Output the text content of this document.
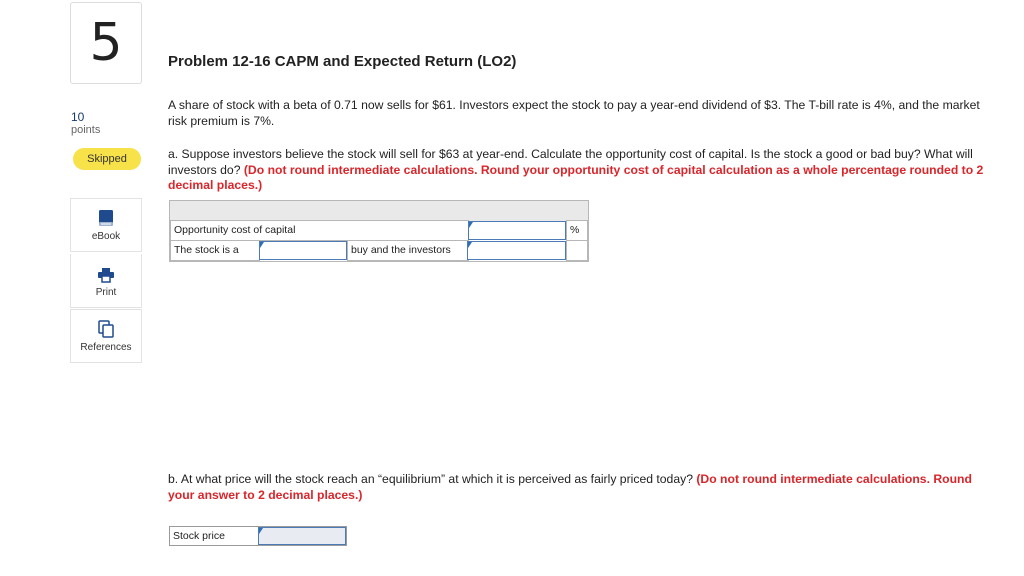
5
10
points
Skipped
eBook
Print
References
Problem 12-16 CAPM and Expected Return (LO2)
A share of stock with a beta of 0.71 now sells for $61. Investors expect the stock to pay a year-end dividend of $3. The T-bill rate is 4%, and the market risk premium is 7%.
a. Suppose investors believe the stock will sell for $63 at year-end. Calculate the opportunity cost of capital. Is the stock a good or bad buy? What will investors do? (Do not round intermediate calculations. Round your opportunity cost of capital calculation as a whole percentage rounded to 2 decimal places.)
Opportunity cost of capital	%
The stock is a	buy and the investors
b. At what price will the stock reach an “equilibrium” at which it is perceived as fairly priced today? (Do not round intermediate calculations. Round your answer to 2 decimal places.)
Stock price
